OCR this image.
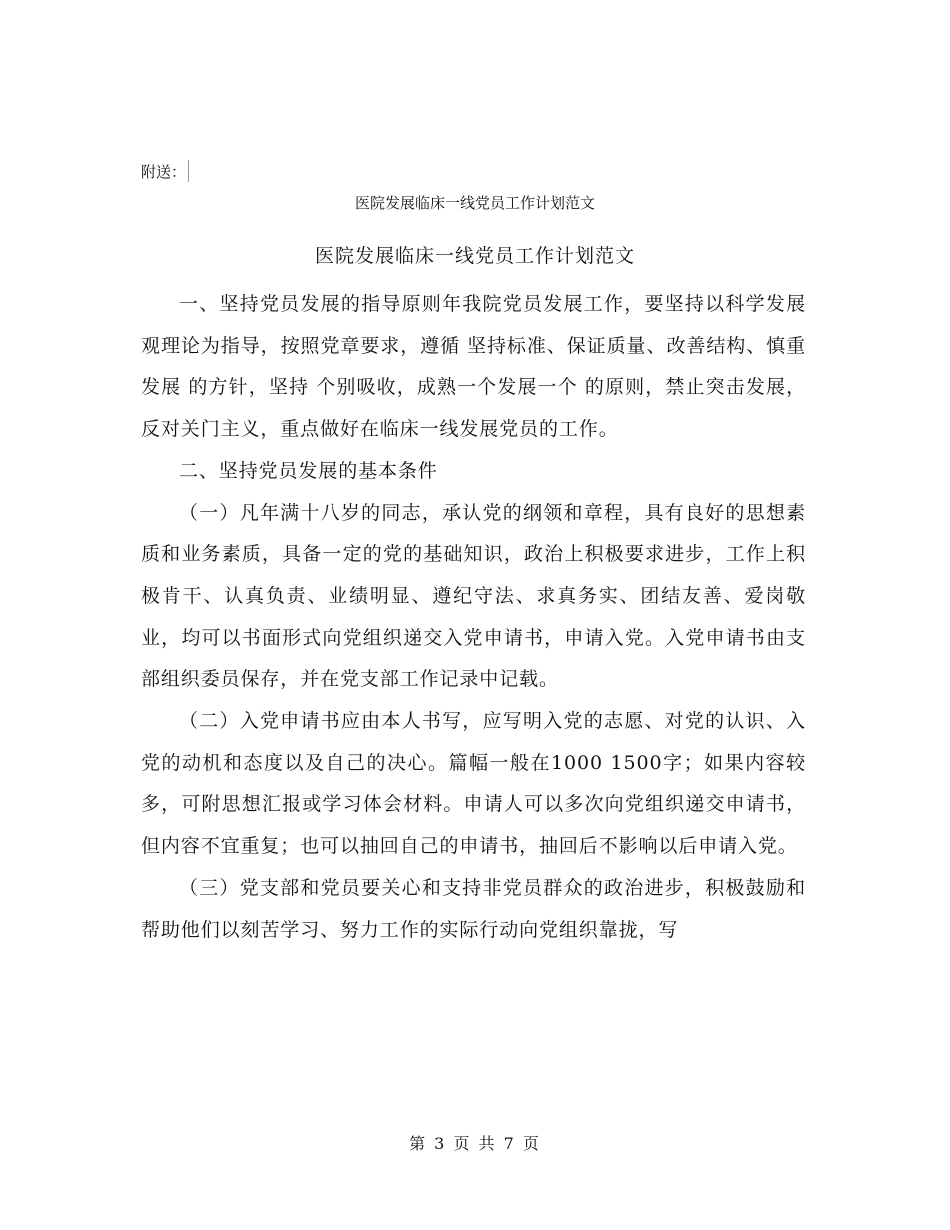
附送：
医院发展临床一线党员工作计划范文
医院发展临床一线党员工作计划范文

一、坚持党员发展的指导原则年我院党员发展工作，要坚持以科学发展观理论为指导，按照党章要求，遵循 坚持标准、保证质量、改善结构、慎重发展 的方针，坚持 个别吸收，成熟一个发展一个 的原则，禁止突击发展，反对关门主义，重点做好在临床一线发展党员的工作。

二、坚持党员发展的基本条件

（一）凡年满十八岁的同志，承认党的纲领和章程，具有良好的思想素质和业务素质，具备一定的党的基础知识，政治上积极要求进步，工作上积极肯干、认真负责、业绩明显、遵纪守法、求真务实、团结友善、爱岗敬业，均可以书面形式向党组织递交入党申请书，申请入党。入党申请书由支部组织委员保存，并在党支部工作记录中记载。

（二）入党申请书应由本人书写，应写明入党的志愿、对党的认识、入党的动机和态度以及自己的决心。篇幅一般在1000 1500字；如果内容较多，可附思想汇报或学习体会材料。申请人可以多次向党组织递交申请书，但内容不宜重复；也可以抽回自己的申请书，抽回后不影响以后申请入党。

（三）党支部和党员要关心和支持非党员群众的政治进步，积极鼓励和帮助他们以刻苦学习、努力工作的实际行动向党组织靠拢，写

第 3 页 共 7 页
